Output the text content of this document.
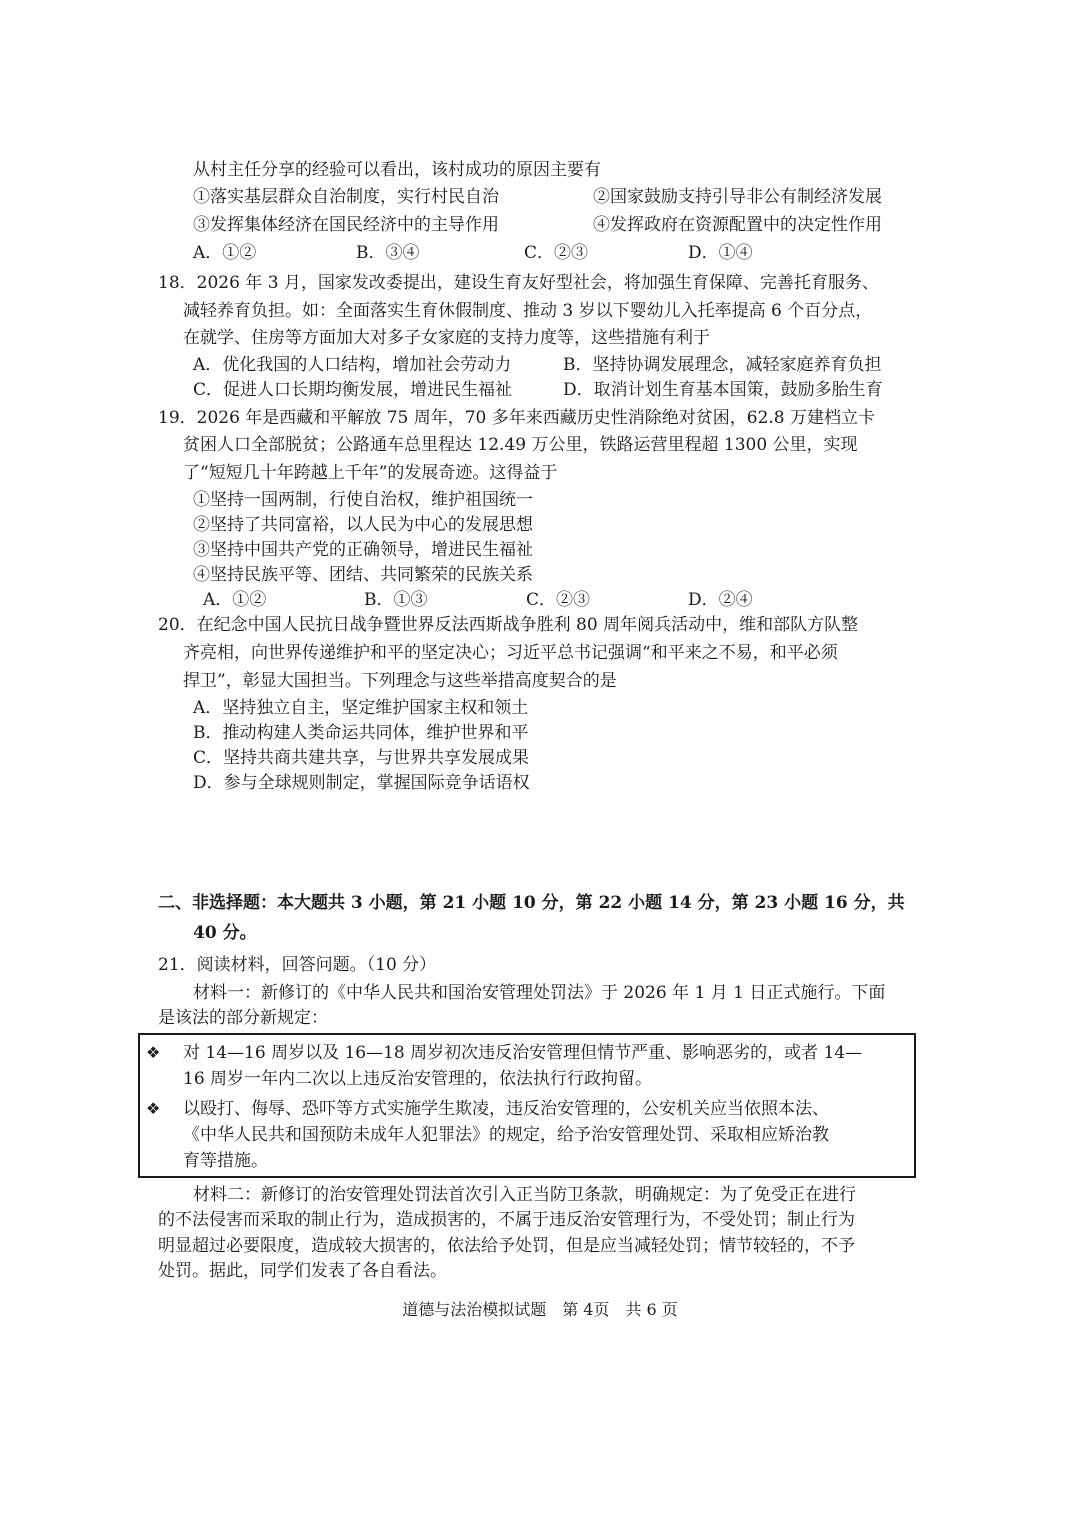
从村主任分享的经验可以看出，该村成功的原因主要有
①落实基层群众自治制度，实行村民自治	②国家鼓励支持引导非公有制经济发展
③发挥集体经济在国民经济中的主导作用	④发挥政府在资源配置中的决定性作用
A．①②	B．③④	C．②③	D．①④
18．2026 年 3 月，国家发改委提出，建设生育友好型社会，将加强生育保障、完善托育服务、
减轻养育负担。如：全面落实生育休假制度、推动 3 岁以下婴幼儿入托率提高 6 个百分点，
在就学、住房等方面加大对多子女家庭的支持力度等，这些措施有利于
A．优化我国的人口结构，增加社会劳动力	B．坚持协调发展理念，减轻家庭养育负担
C．促进人口长期均衡发展，增进民生福祉	D．取消计划生育基本国策，鼓励多胎生育
19．2026 年是西藏和平解放 75 周年，70 多年来西藏历史性消除绝对贫困，62.8 万建档立卡
贫困人口全部脱贫；公路通车总里程达 12.49 万公里，铁路运营里程超 1300 公里，实现
了“短短几十年跨越上千年”的发展奇迹。这得益于
①坚持一国两制，行使自治权，维护祖国统一
②坚持了共同富裕，以人民为中心的发展思想
③坚持中国共产党的正确领导，增进民生福祉
④坚持民族平等、团结、共同繁荣的民族关系
A．①②	B．①③	C．②③	D．②④
20．在纪念中国人民抗日战争暨世界反法西斯战争胜利 80 周年阅兵活动中，维和部队方队整
齐亮相，向世界传递维护和平的坚定决心；习近平总书记强调“和平来之不易，和平必须
捍卫”，彰显大国担当。下列理念与这些举措高度契合的是
A．坚持独立自主，坚定维护国家主权和领土
B．推动构建人类命运共同体，维护世界和平
C．坚持共商共建共享，与世界共享发展成果
D．参与全球规则制定，掌握国际竞争话语权
二、非选择题：本大题共 3 小题，第 21 小题 10 分，第 22 小题 14 分，第 23 小题 16 分，共
40 分。
21．阅读材料，回答问题。（10 分）
材料一：新修订的《中华人民共和国治安管理处罚法》于 2026 年 1 月 1 日正式施行。下面
是该法的部分新规定：
❖ 对 14—16 周岁以及 16—18 周岁初次违反治安管理但情节严重、影响恶劣的，或者 14—
16 周岁一年内二次以上违反治安管理的，依法执行行政拘留。
❖ 以殴打、侮辱、恐吓等方式实施学生欺凌，违反治安管理的，公安机关应当依照本法、
《中华人民共和国预防未成年人犯罪法》的规定，给予治安管理处罚、采取相应矫治教
育等措施。
材料二：新修订的治安管理处罚法首次引入正当防卫条款，明确规定：为了免受正在进行
的不法侵害而采取的制止行为，造成损害的，不属于违反治安管理行为，不受处罚；制止行为
明显超过必要限度，造成较大损害的，依法给予处罚，但是应当减轻处罚；情节较轻的，不予
处罚。据此，同学们发表了各自看法。
道德与法治模拟试题　第 4页　共 6 页
